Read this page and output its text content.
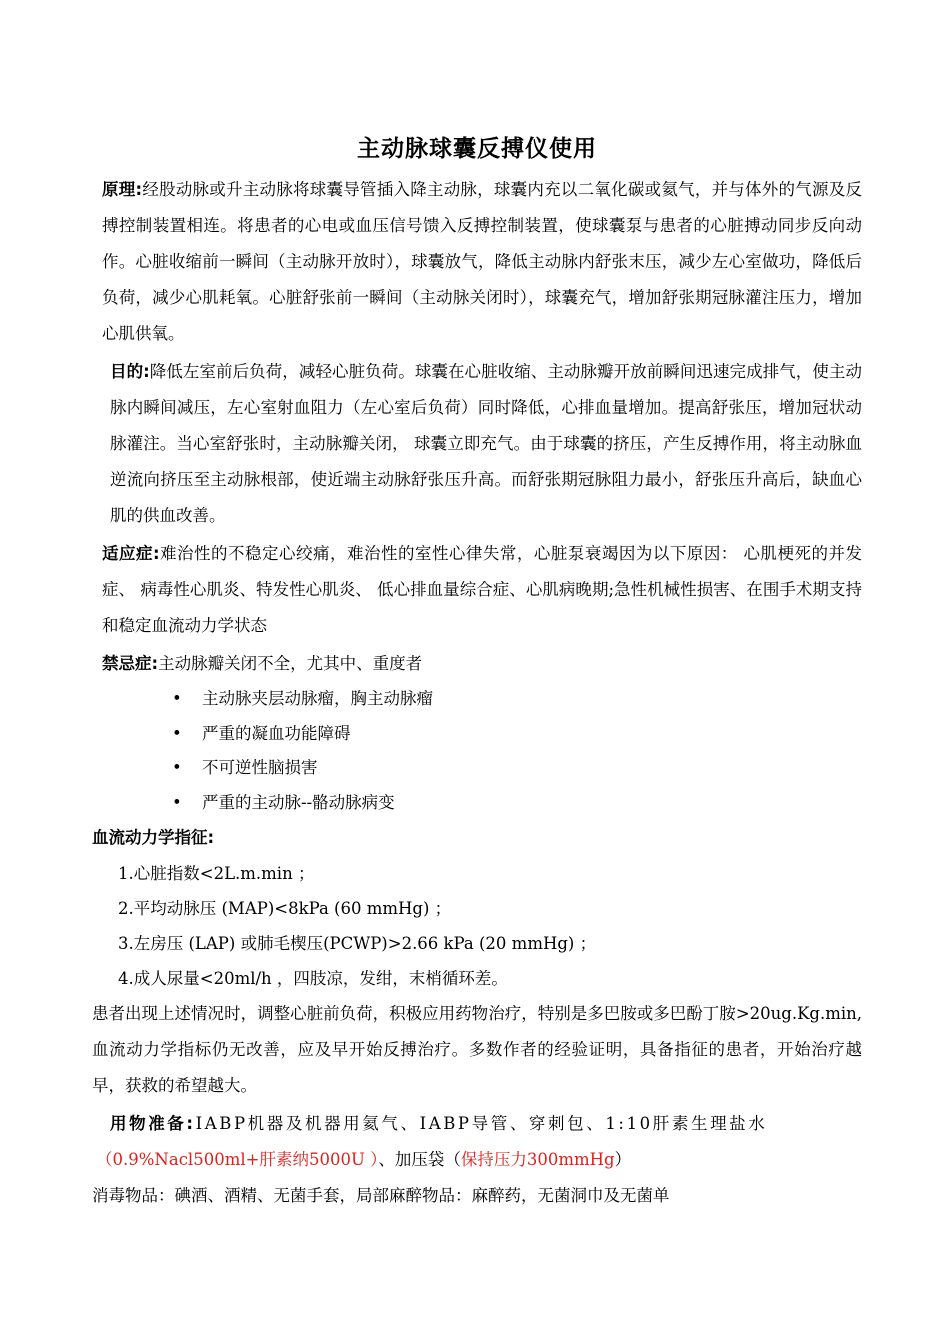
主动脉球囊反搏仪使用

原理:经股动脉或升主动脉将球囊导管插入降主动脉，球囊内充以二氧化碳或氦气，并与体外的气源及反搏控制装置相连。将患者的心电或血压信号馈入反搏控制装置，使球囊泵与患者的心脏搏动同步反向动作。心脏收缩前一瞬间（主动脉开放时），球囊放气，降低主动脉内舒张末压，减少左心室做功，降低后负荷，减少心肌耗氧。心脏舒张前一瞬间（主动脉关闭时），球囊充气，增加舒张期冠脉灌注压力，增加心肌供氧。

目的:降低左室前后负荷，减轻心脏负荷。球囊在心脏收缩、主动脉瓣开放前瞬间迅速完成排气，使主动脉内瞬间减压，左心室射血阻力（左心室后负荷）同时降低，心排血量增加。提高舒张压，增加冠状动脉灌注。当心室舒张时，主动脉瓣关闭， 球囊立即充气。由于球囊的挤压，产生反搏作用，将主动脉血逆流向挤压至主动脉根部，使近端主动脉舒张压升高。而舒张期冠脉阻力最小，舒张压升高后，缺血心肌的供血改善。

适应症:难治性的不稳定心绞痛，难治性的室性心律失常，心脏泵衰竭因为以下原因： 心肌梗死的并发症、 病毒性心肌炎、特发性心肌炎、 低心排血量综合症、心肌病晚期;急性机械性损害、在围手术期支持和稳定血流动力学状态

禁忌症:主动脉瓣关闭不全，尤其中、重度者

• 主动脉夹层动脉瘤，胸主动脉瘤
• 严重的凝血功能障碍
• 不可逆性脑损害
• 严重的主动脉--骼动脉病变
血流动力学指征:
1.心脏指数<2L.m.min ；
2.平均动脉压 (MAP)<8kPa (60 mmHg) ；
3.左房压 (LAP) 或肺毛楔压(PCWP)>2.66 kPa (20 mmHg) ；
4.成人尿量<20ml/h ，四肢凉，发绀，末梢循环差。

患者出现上述情况时，调整心脏前负荷，积极应用药物治疗，特别是多巴胺或多巴酚丁胺>20ug.Kg.min, 血流动力学指标仍无改善，应及早开始反搏治疗。多数作者的经验证明，具备指征的患者，开始治疗越早，获救的希望越大。

用物准备:IABP机器及机器用氦气、IABP导管、穿刺包、1:10肝素生理盐水

（0.9%Nacl500ml+肝素纳5000U ）、加压袋（保持压力300mmHg）

消毒物品：碘酒、酒精、无菌手套，局部麻醉物品：麻醉药，无菌洞巾及无菌单
